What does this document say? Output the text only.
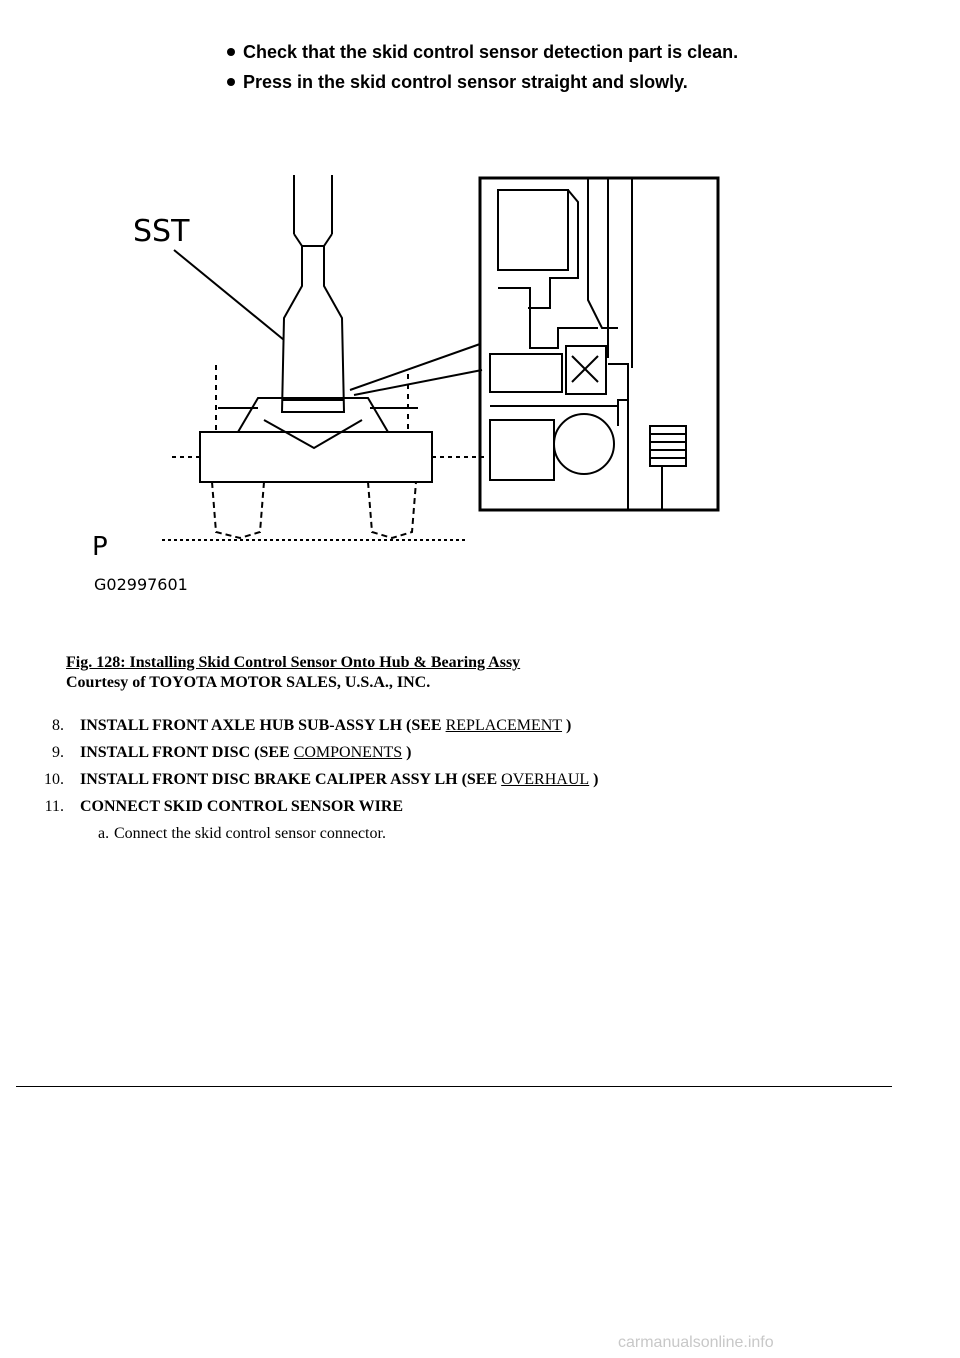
Check that the skid control sensor detection part is clean.
Press in the skid control sensor straight and slowly.
SST
P
G02997601
Fig. 128: Installing Skid Control Sensor Onto Hub & Bearing Assy
Courtesy of TOYOTA MOTOR SALES, U.S.A., INC.
8. INSTALL FRONT AXLE HUB SUB-ASSY LH (SEE REPLACEMENT )
9. INSTALL FRONT DISC (SEE COMPONENTS )
10. INSTALL FRONT DISC BRAKE CALIPER ASSY LH (SEE OVERHAUL )
11. CONNECT SKID CONTROL SENSOR WIRE
a. Connect the skid control sensor connector.
carmanualsonline.info
